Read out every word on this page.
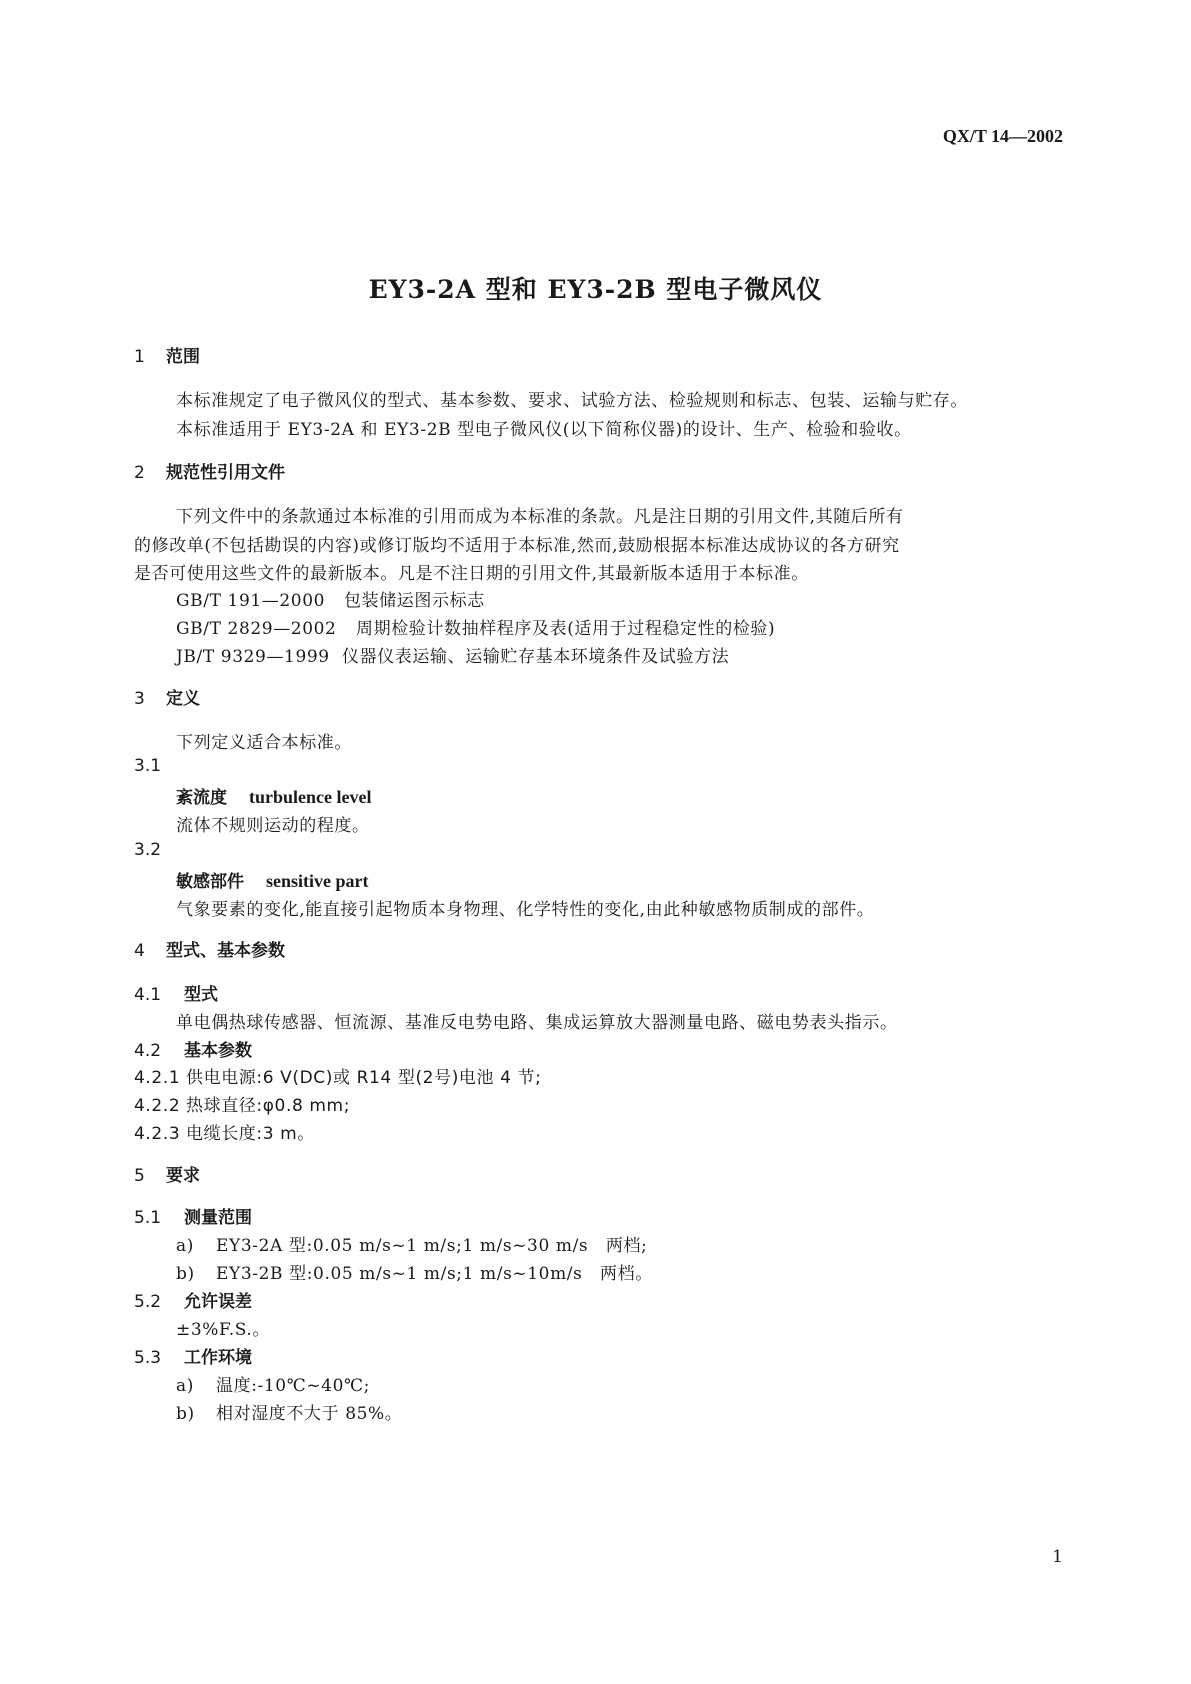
QX/T 14—2002
EY3-2A 型和 EY3-2B 型电子微风仪
1 范围
本标准规定了电子微风仪的型式、基本参数、要求、试验方法、检验规则和标志、包装、运输与贮存。
本标准适用于 EY3-2A 和 EY3-2B 型电子微风仪(以下简称仪器)的设计、生产、检验和验收。
2 规范性引用文件
下列文件中的条款通过本标准的引用而成为本标准的条款。凡是注日期的引用文件,其随后所有
的修改单(不包括勘误的内容)或修订版均不适用于本标准,然而,鼓励根据本标准达成协议的各方研究
是否可使用这些文件的最新版本。凡是不注日期的引用文件,其最新版本适用于本标准。
GB/T 191—2000 包装储运图示标志
GB/T 2829—2002 周期检验计数抽样程序及表(适用于过程稳定性的检验)
JB/T 9329—1999 仪器仪表运输、运输贮存基本环境条件及试验方法
3 定义
下列定义适合本标准。
3.1
紊流度 turbulence level
流体不规则运动的程度。
3.2
敏感部件 sensitive part
气象要素的变化,能直接引起物质本身物理、化学特性的变化,由此种敏感物质制成的部件。
4 型式、基本参数
4.1 型式
单电偶热球传感器、恒流源、基准反电势电路、集成运算放大器测量电路、磁电势表头指示。
4.2 基本参数
4.2.1 供电电源:6 V(DC)或 R14 型(2号)电池 4 节;
4.2.2 热球直径:φ0.8 mm;
4.2.3 电缆长度:3 m。
5 要求
5.1 测量范围
a) EY3-2A 型:0.05 m/s~1 m/s;1 m/s~30 m/s　两档;
b) EY3-2B 型:0.05 m/s~1 m/s;1 m/s~10m/s　两档。
5.2 允许误差
±3%F.S.。
5.3 工作环境
a) 温度:-10℃~40℃;
b) 相对湿度不大于 85%。
1
